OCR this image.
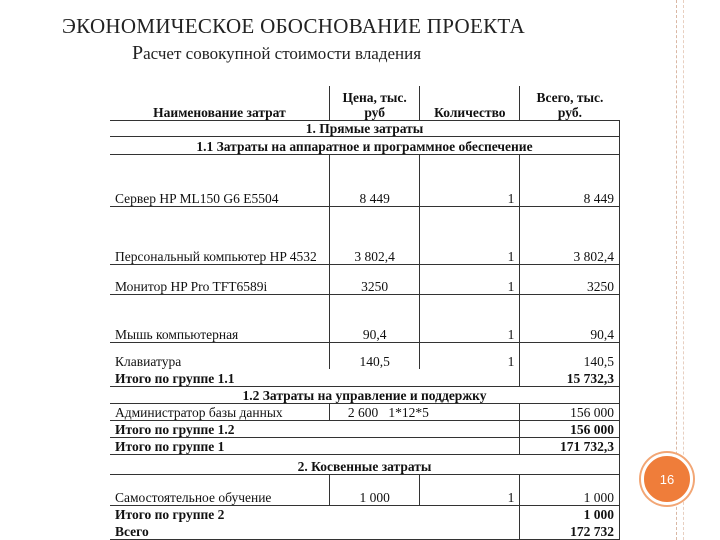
ЭКОНОМИЧЕСКОЕ ОБОСНОВАНИЕ ПРОЕКТА
Расчет совокупной стоимости владения
Наименование затрат	Цена, тыс. руб	Количество	Всего, тыс. руб.
1. Прямые затраты			
1.1 Затраты на аппаратное и программное обеспечение			
Сервер HP ML150 G6 E5504	8 449	1	8 449
Персональный компьютер HP 4532	3 802,4	1	3 802,4
Монитор HP Pro TFT6589i	3250	1	3250
Мышь компьютерная	90,4	1	90,4
Клавиатура	140,5	1	140,5
Итого по группе 1.1			15 732,3
1.2 Затраты на управление и поддержку			
Администратор базы данных	2 600 1*12*5		156 000
Итого по группе 1.2			156 000
Итого по группе 1			171 732,3
2. Косвенные затраты			
Самостоятельное обучение	1 000	1	1 000
Итого по группе 2			1 000
Всего			172 732
16
